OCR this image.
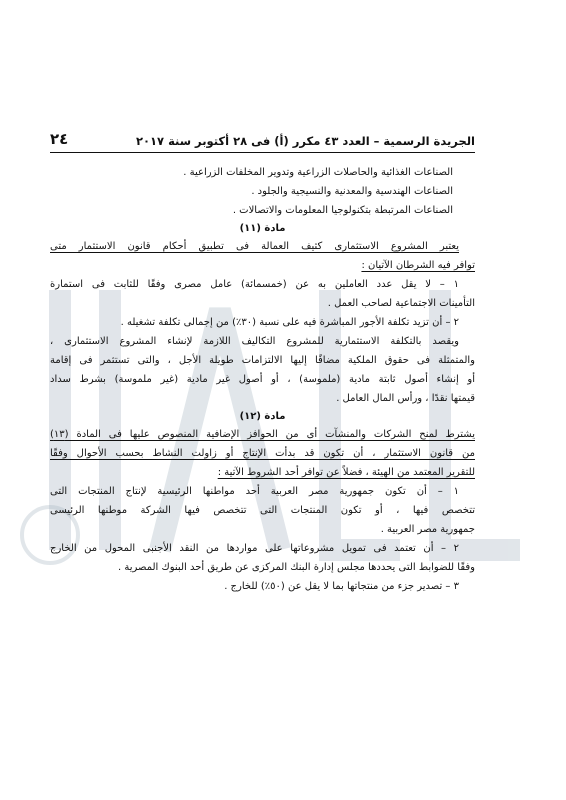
الجريدة الرسمية – العدد ٤٣ مكرر (أ) فى ٢٨ أكتوبر سنة ٢٠١٧
٢٤
الصناعات الغذائية والحاصلات الزراعية وتدوير المخلفات الزراعية .
الصناعات الهندسية والمعدنية والنسيجية والجلود .
الصناعات المرتبطة بتكنولوجيا المعلومات والاتصالات .
مادة (١١)
يعتبر المشروع الاستثمارى كثيف العمالة فى تطبيق أحكام قانون الاستثمار متى
توافر فيه الشرطان الآتيان :
١ – لا يقل عدد العاملين به عن (خمسمائة) عامل مصرى وفقًا للثابت فى استمارة
التأمينات الاجتماعية لصاحب العمل .
٢ – أن تزيد تكلفة الأجور المباشرة فيه على نسبة (٣٠٪) من إجمالى تكلفة تشغيله .
ويقصد بالتكلفة الاستثمارية للمشروع التكاليف اللازمة لإنشاء المشروع الاستثمارى ،
والمتمثلة فى حقوق الملكية مضافًا إليها الالتزامات طويلة الأجل ، والتى تستثمر فى إقامة
أو إنشاء أصول ثابتة مادية (ملموسة) ، أو أصول غير مادية (غير ملموسة) بشرط سداد
قيمتها نقدًا ، ورأس المال العامل .
مادة (١٢)
يشترط لمنح الشركات والمنشآت أى من الحوافز الإضافية المنصوص عليها فى المادة (١٣)
من قانون الاستثمار ، أن تكون قد بدأت الإنتاج أو زاولت النشاط بحسب الأحوال وفقًا
للتقرير المعتمد من الهيئة ، فضلاً عن توافر أحد الشروط الآتية :
١ – أن تكون جمهورية مصر العربية أحد مواطنها الرئيسية لإنتاج المنتجات التى
تتخصص فيها ، أو تكون المنتجات التى تتخصص فيها الشركة موطنها الرئيسى
جمهورية مصر العربية .
٢ – أن تعتمد فى تمويل مشروعاتها على مواردها من النقد الأجنبى المحول من الخارج
وفقًا للضوابط التى يحددها مجلس إدارة البنك المركزى عن طريق أحد البنوك المصرية .
٣ – تصدير جزء من منتجاتها بما لا يقل عن (٥٠٪) للخارج .
